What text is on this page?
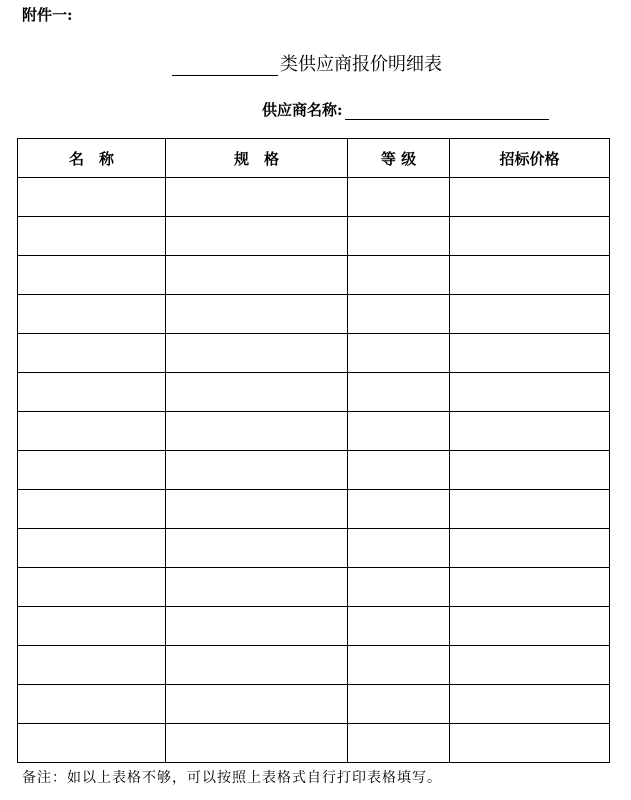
附件一:
类供应商报价明细表
供应商名称:
名　称	规　格	等 级	招标价格

备注：如以上表格不够，可以按照上表格式自行打印表格填写。
